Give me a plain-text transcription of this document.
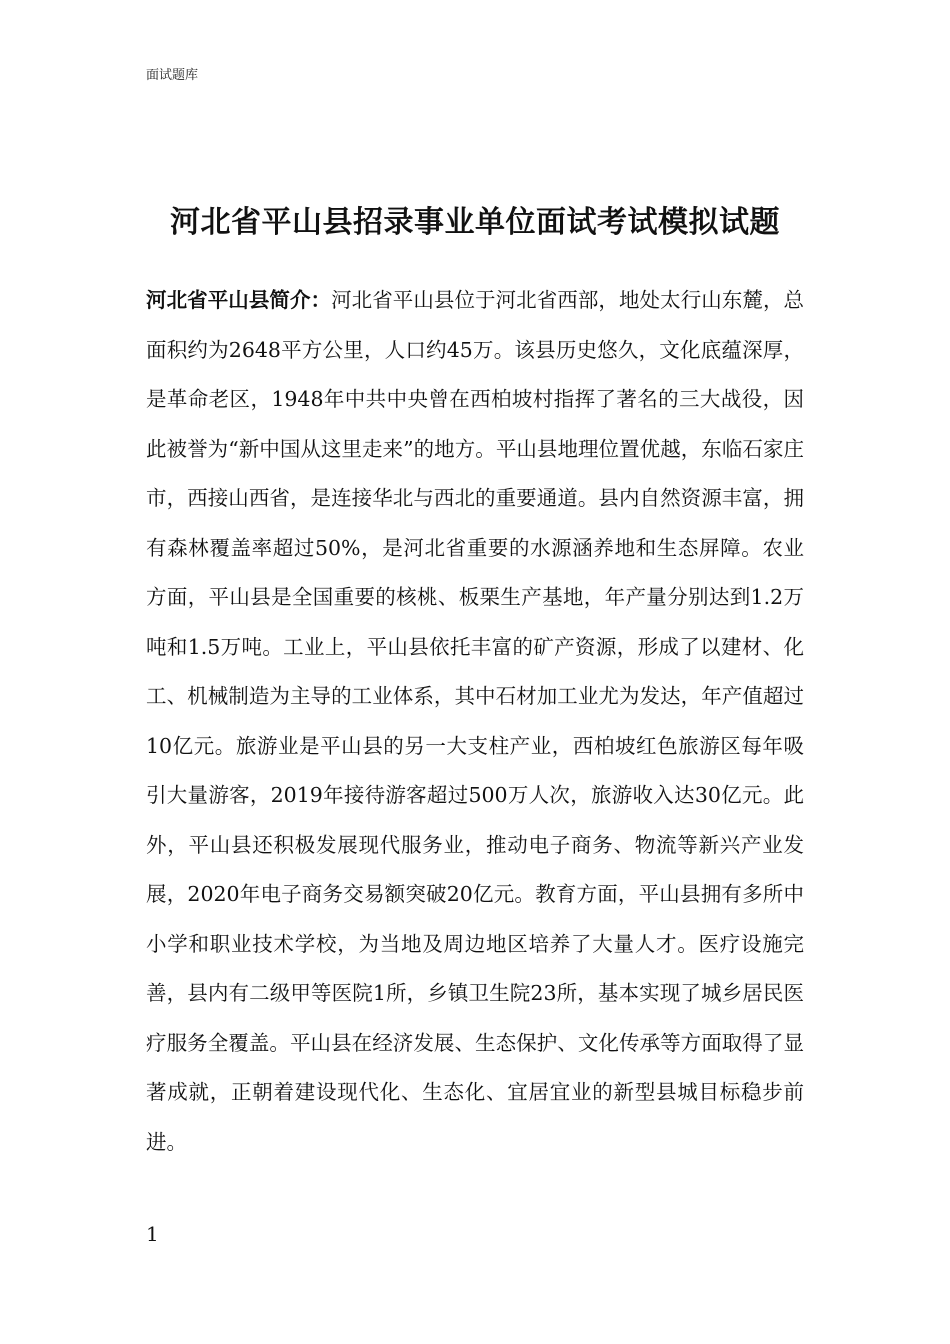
面试题库
河北省平山县招录事业单位面试考试模拟试题

河北省平山县简介：河北省平山县位于河北省西部，地处太行山东麓，总面积约为2648平方公里，人口约45万。该县历史悠久，文化底蕴深厚，是革命老区，1948年中共中央曾在西柏坡村指挥了著名的三大战役，因此被誉为“新中国从这里走来”的地方。平山县地理位置优越，东临石家庄市，西接山西省，是连接华北与西北的重要通道。县内自然资源丰富，拥有森林覆盖率超过50%，是河北省重要的水源涵养地和生态屏障。农业方面，平山县是全国重要的核桃、板栗生产基地，年产量分别达到1.2万吨和1.5万吨。工业上，平山县依托丰富的矿产资源，形成了以建材、化工、机械制造为主导的工业体系，其中石材加工业尤为发达，年产值超过10亿元。旅游业是平山县的另一大支柱产业，西柏坡红色旅游区每年吸引大量游客，2019年接待游客超过500万人次，旅游收入达30亿元。此外，平山县还积极发展现代服务业，推动电子商务、物流等新兴产业发展，2020年电子商务交易额突破20亿元。教育方面，平山县拥有多所中小学和职业技术学校，为当地及周边地区培养了大量人才。医疗设施完善，县内有二级甲等医院1所，乡镇卫生院23所，基本实现了城乡居民医疗服务全覆盖。平山县在经济发展、生态保护、文化传承等方面取得了显著成就，正朝着建设现代化、生态化、宜居宜业的新型县城目标稳步前进。

1
